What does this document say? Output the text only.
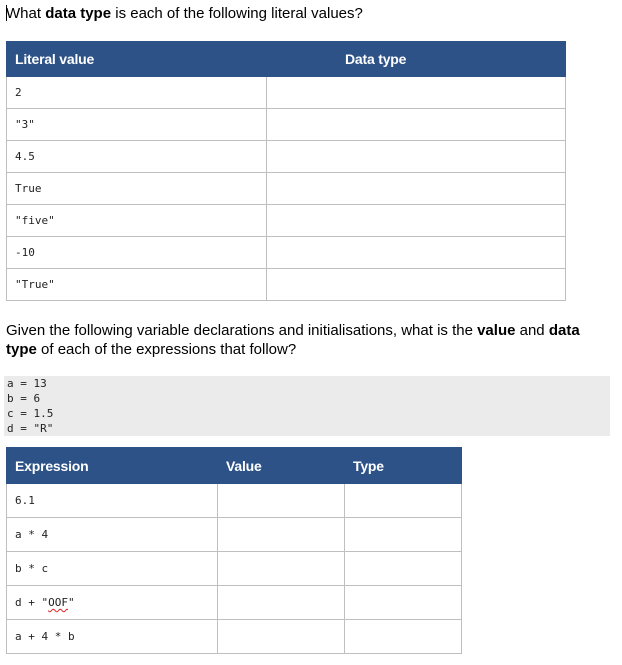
What data type is each of the following literal values?
Literal value	Data type
2	
"3"	
4.5	
True	
"five"	
-10	
"True"	
Given the following variable declarations and initialisations, what is the value and data type of each of the expressions that follow?
a = 13
b = 6
c = 1.5
d = "R"
Expression	Value	Type
6.1		
a * 4		
b * c		
d + "OOF"		
a + 4 * b		
